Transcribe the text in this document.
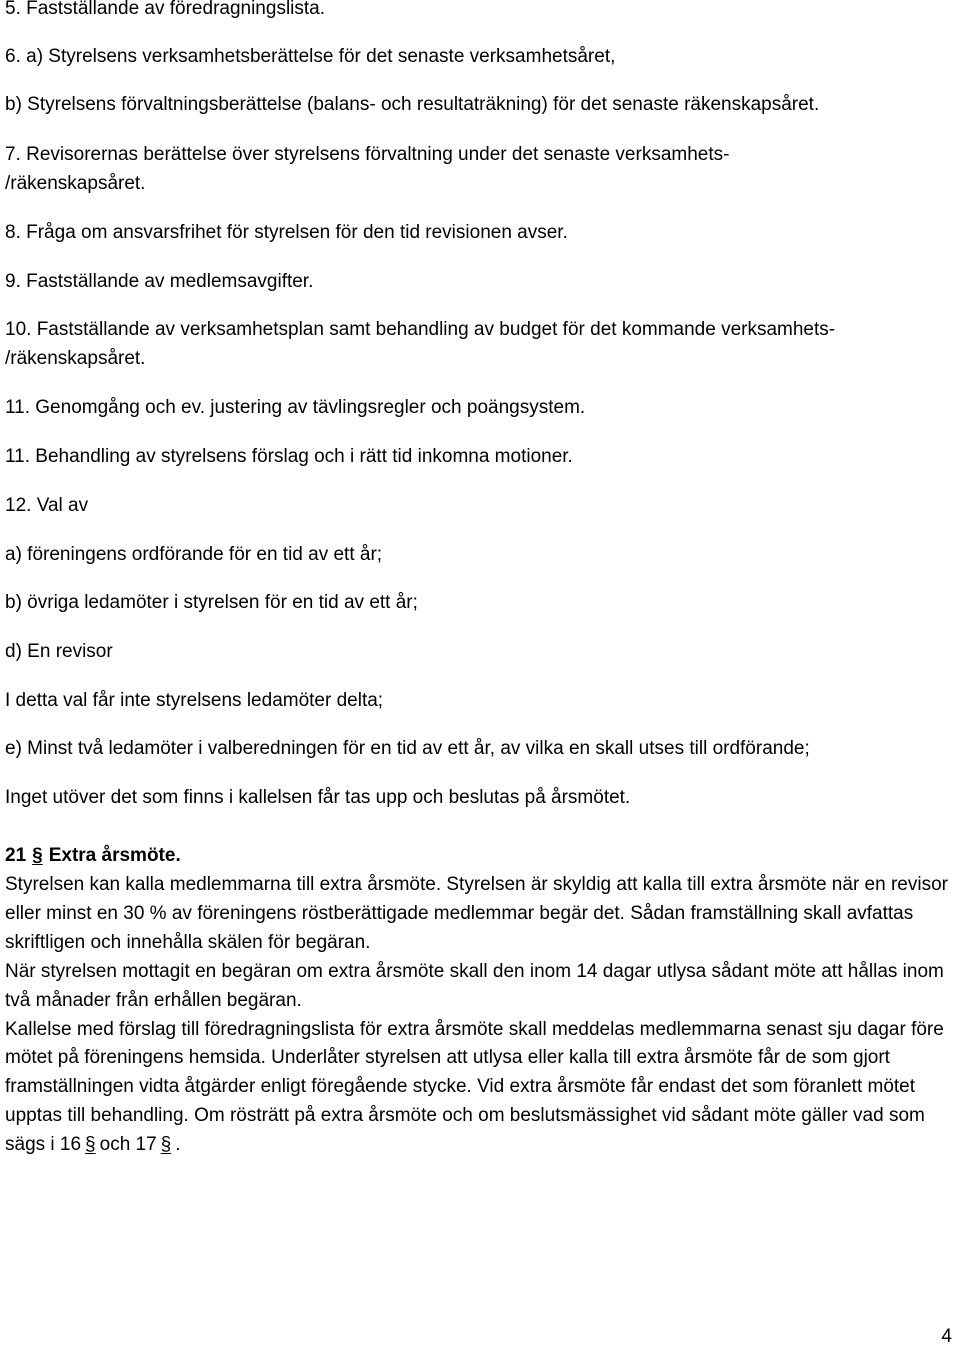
5. Fastställande av föredragningslista.

6. a) Styrelsens verksamhetsberättelse för det senaste verksamhetsåret,

b) Styrelsens förvaltningsberättelse (balans- och resultaträkning) för det senaste räkenskapsåret.

7. Revisorernas berättelse över styrelsens förvaltning under det senaste verksamhets-

/räkenskapsåret.

8. Fråga om ansvarsfrihet för styrelsen för den tid revisionen avser.

9. Fastställande av medlemsavgifter.

10. Fastställande av verksamhetsplan samt behandling av budget för det kommande verksamhets-

/räkenskapsåret.

11. Genomgång och ev. justering av tävlingsregler och poängsystem.

11. Behandling av styrelsens förslag och i rätt tid inkomna motioner.

12. Val av

a) föreningens ordförande för en tid av ett år;

b) övriga ledamöter i styrelsen för en tid av ett år;

d) En revisor

I detta val får inte styrelsens ledamöter delta;

e) Minst två ledamöter i valberedningen för en tid av ett år, av vilka en skall utses till ordförande;

Inget utöver det som finns i kallelsen får tas upp och beslutas på årsmötet.

21 § Extra årsmöte.
Styrelsen kan kalla medlemmarna till extra årsmöte. Styrelsen är skyldig att kalla till extra årsmöte när en revisor eller minst en 30 % av föreningens röstberättigade medlemmar begär det. Sådan framställning skall avfattas skriftligen och innehålla skälen för begäran.
När styrelsen mottagit en begäran om extra årsmöte skall den inom 14 dagar utlysa sådant möte att hållas inom två månader från erhållen begäran.
Kallelse med förslag till föredragningslista för extra årsmöte skall meddelas medlemmarna senast sju dagar före mötet på föreningens hemsida. Underlåter styrelsen att utlysa eller kalla till extra årsmöte får de som gjort framställningen vidta åtgärder enligt föregående stycke. Vid extra årsmöte får endast det som föranlett mötet upptas till behandling. Om rösträtt på extra årsmöte och om beslutsmässighet vid sådant möte gäller vad som sägs i 16 § och 17 § .
4
